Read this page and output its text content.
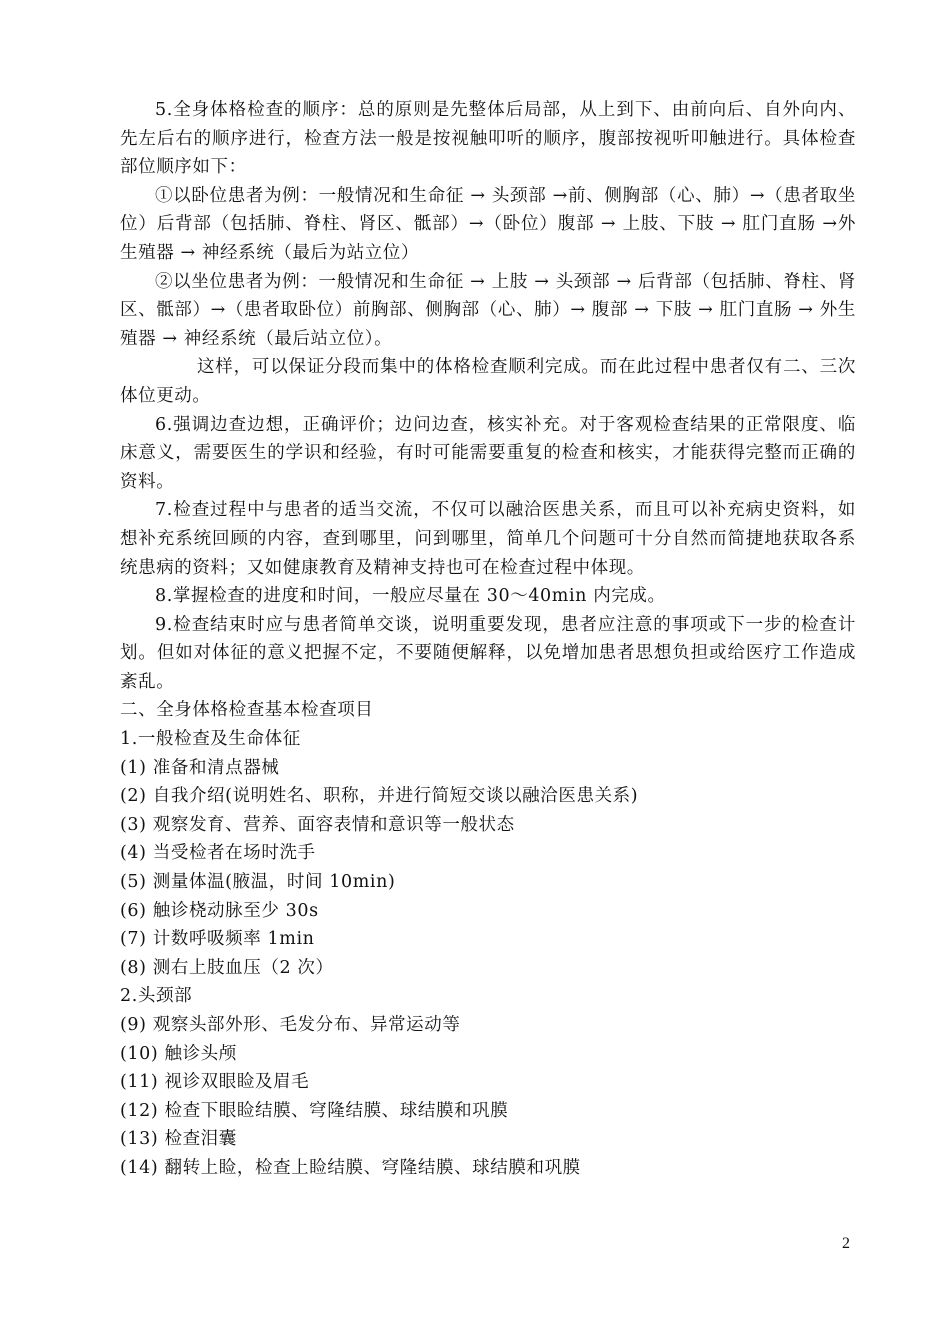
5.全身体格检查的顺序：总的原则是先整体后局部，从上到下、由前向后、自外向内、先左后右的顺序进行，检查方法一般是按视触叩听的顺序，腹部按视听叩触进行。具体检查部位顺序如下：

①以卧位患者为例：一般情况和生命征 → 头颈部 →前、侧胸部（心、肺）→（患者取坐位）后背部（包括肺、脊柱、肾区、骶部）→（卧位）腹部 → 上肢、下肢 → 肛门直肠 →外生殖器 → 神经系统（最后为站立位）

②以坐位患者为例：一般情况和生命征 → 上肢 → 头颈部 → 后背部（包括肺、脊柱、肾区、骶部）→（患者取卧位）前胸部、侧胸部（心、肺）→ 腹部 → 下肢 → 肛门直肠 → 外生殖器 → 神经系统（最后站立位）。

这样，可以保证分段而集中的体格检查顺利完成。而在此过程中患者仅有二、三次体位更动。

6.强调边查边想，正确评价；边问边查，核实补充。对于客观检查结果的正常限度、临床意义，需要医生的学识和经验，有时可能需要重复的检查和核实，才能获得完整而正确的资料。

7.检查过程中与患者的适当交流，不仅可以融洽医患关系，而且可以补充病史资料，如想补充系统回顾的内容，查到哪里，问到哪里，简单几个问题可十分自然而简捷地获取各系统患病的资料；又如健康教育及精神支持也可在检查过程中体现。

8.掌握检查的进度和时间，一般应尽量在 30～40min 内完成。

9.检查结束时应与患者简单交谈，说明重要发现，患者应注意的事项或下一步的检查计划。但如对体征的意义把握不定，不要随便解释，以免增加患者思想负担或给医疗工作造成紊乱。

二、全身体格检查基本检查项目

1.一般检查及生命体征

(1) 准备和清点器械

(2) 自我介绍(说明姓名、职称，并进行简短交谈以融洽医患关系)

(3) 观察发育、营养、面容表情和意识等一般状态

(4) 当受检者在场时洗手

(5) 测量体温(腋温，时间 10min)

(6) 触诊桡动脉至少 30s

(7) 计数呼吸频率 1min

(8) 测右上肢血压（2 次）

2.头颈部

(9) 观察头部外形、毛发分布、异常运动等

(10) 触诊头颅

(11) 视诊双眼睑及眉毛

(12) 检查下眼睑结膜、穹隆结膜、球结膜和巩膜

(13) 检查泪囊

(14) 翻转上睑，检查上睑结膜、穹隆结膜、球结膜和巩膜

2
